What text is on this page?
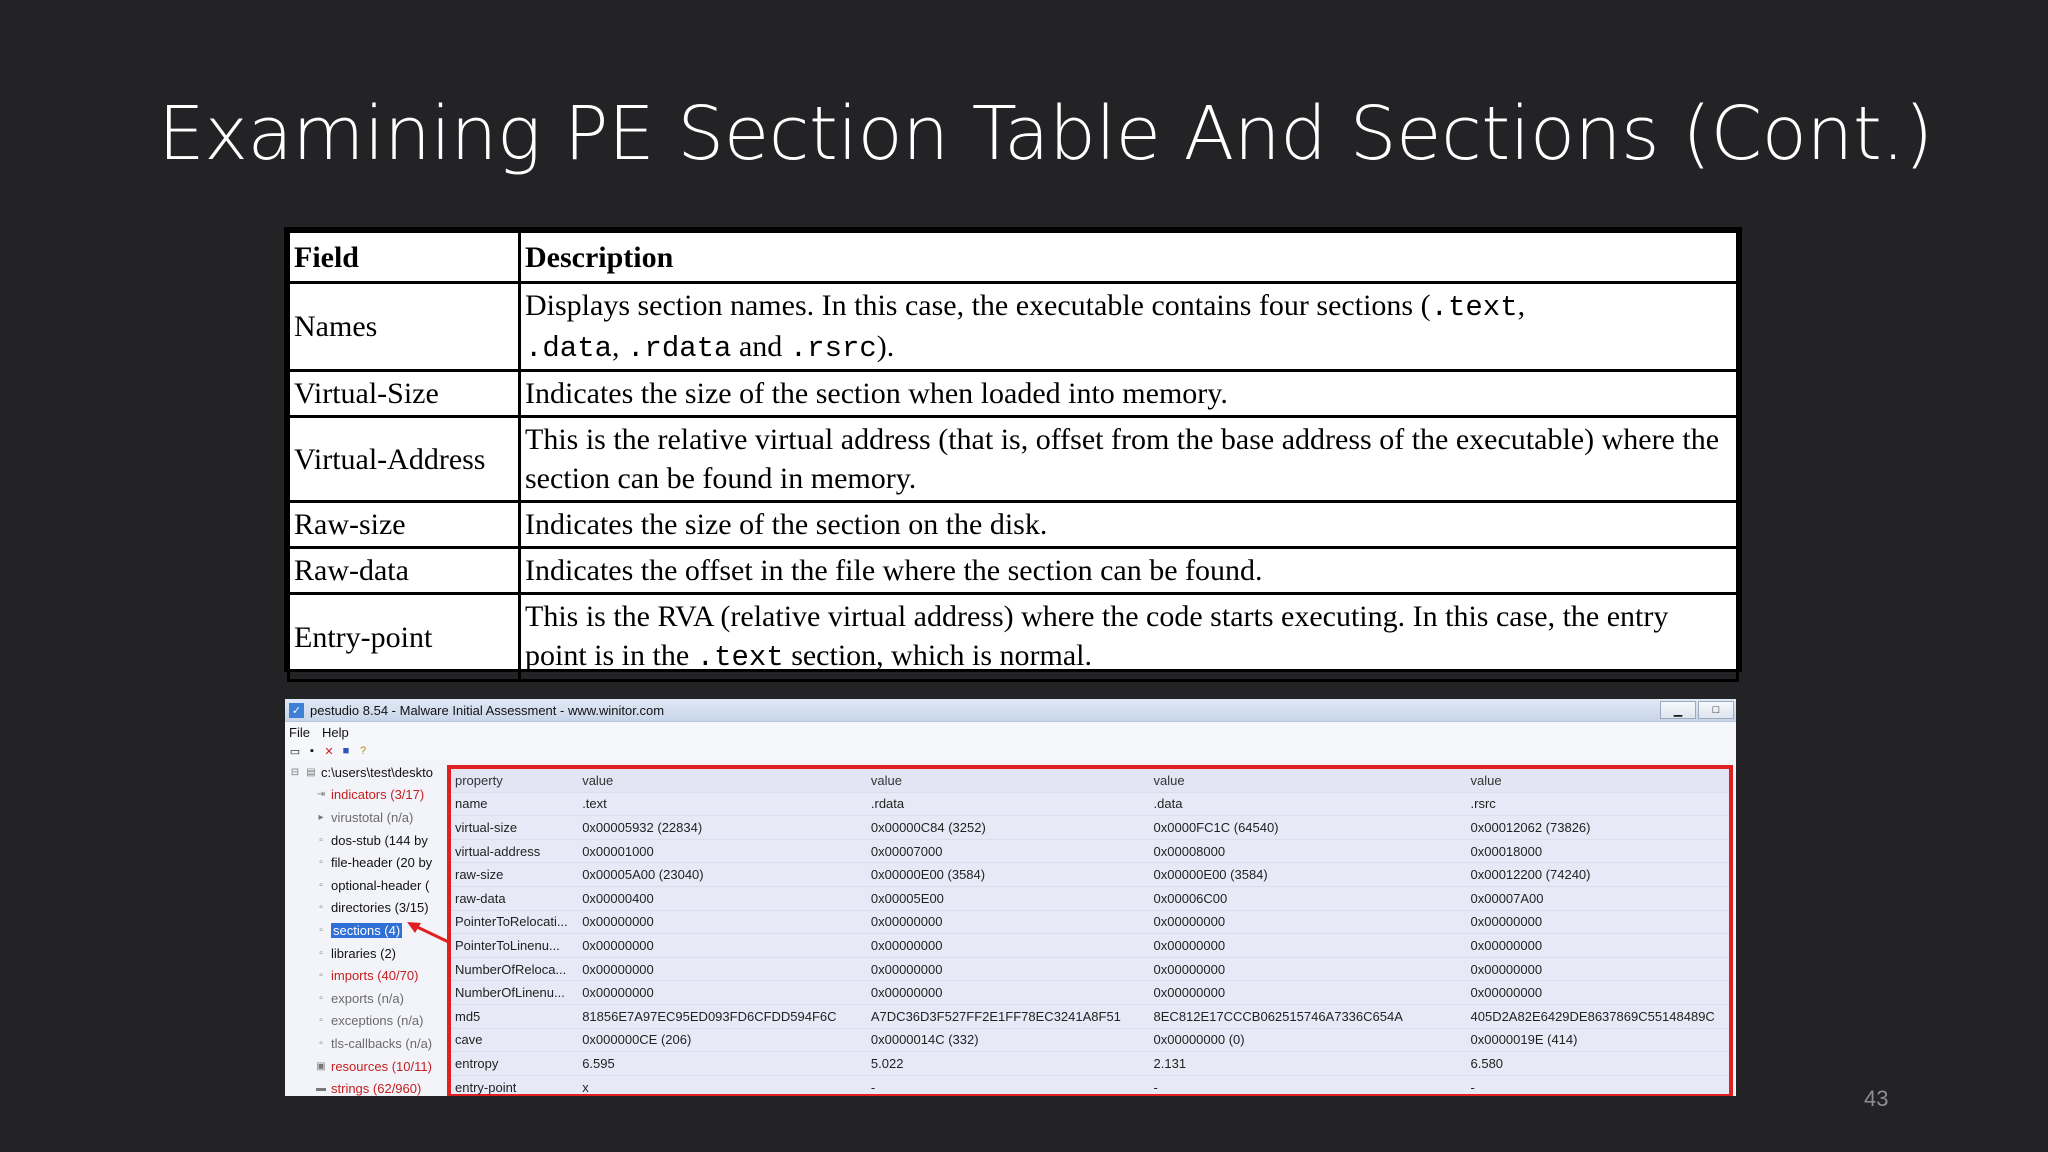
Examining PE Section Table And Sections (Cont.)
Field	Description
Names	Displays section names. In this case, the executable contains four sections (.text,
.data, .rdata and .rsrc).
Virtual-Size	Indicates the size of the section when loaded into memory.
Virtual-Address	This is the relative virtual address (that is, offset from the base address of the executable) where the section can be found in memory.
Raw-size	Indicates the size of the section on the disk.
Raw-data	Indicates the offset in the file where the section can be found.
Entry-point	This is the RVA (relative virtual address) where the code starts executing. In this case, the entry point is in the .text section, which is normal.
✓ pestudio 8.54 - Malware Initial Assessment - www.winitor.com	▁	□
File Help
▭ ▪ ✕ ■ ?
⊟ ▤ c:\users\test\deskto
⇥ indicators (3/17)
▸ virustotal (n/a)
▫ dos-stub (144 by
▫ file-header (20 by
▫ optional-header (
▫ directories (3/15)
▫ sections (4)
▫ libraries (2)
▫ imports (40/70)
▫ exports (n/a)
▫ exceptions (n/a)
▫ tls-callbacks (n/a)
▣ resources (10/11)
▬ strings (62/960)
property	value	value	value	value
name	.text	.rdata	.data	.rsrc
virtual-size	0x00005932 (22834)	0x00000C84 (3252)	0x0000FC1C (64540)	0x00012062 (73826)
virtual-address	0x00001000	0x00007000	0x00008000	0x00018000
raw-size	0x00005A00 (23040)	0x00000E00 (3584)	0x00000E00 (3584)	0x00012200 (74240)
raw-data	0x00000400	0x00005E00	0x00006C00	0x00007A00
PointerToRelocati...	0x00000000	0x00000000	0x00000000	0x00000000
PointerToLinenu...	0x00000000	0x00000000	0x00000000	0x00000000
NumberOfReloca...	0x00000000	0x00000000	0x00000000	0x00000000
NumberOfLinenu...	0x00000000	0x00000000	0x00000000	0x00000000
md5	81856E7A97EC95ED093FD6CFDD594F6C	A7DC36D3F527FF2E1FF78EC3241A8F51	8EC812E17CCCB062515746A7336C654A	405D2A82E6429DE8637869C55148489C
cave	0x000000CE (206)	0x0000014C (332)	0x00000000 (0)	0x0000019E (414)
entropy	6.595	5.022	2.131	6.580
entry-point	x	-	-	-	43
